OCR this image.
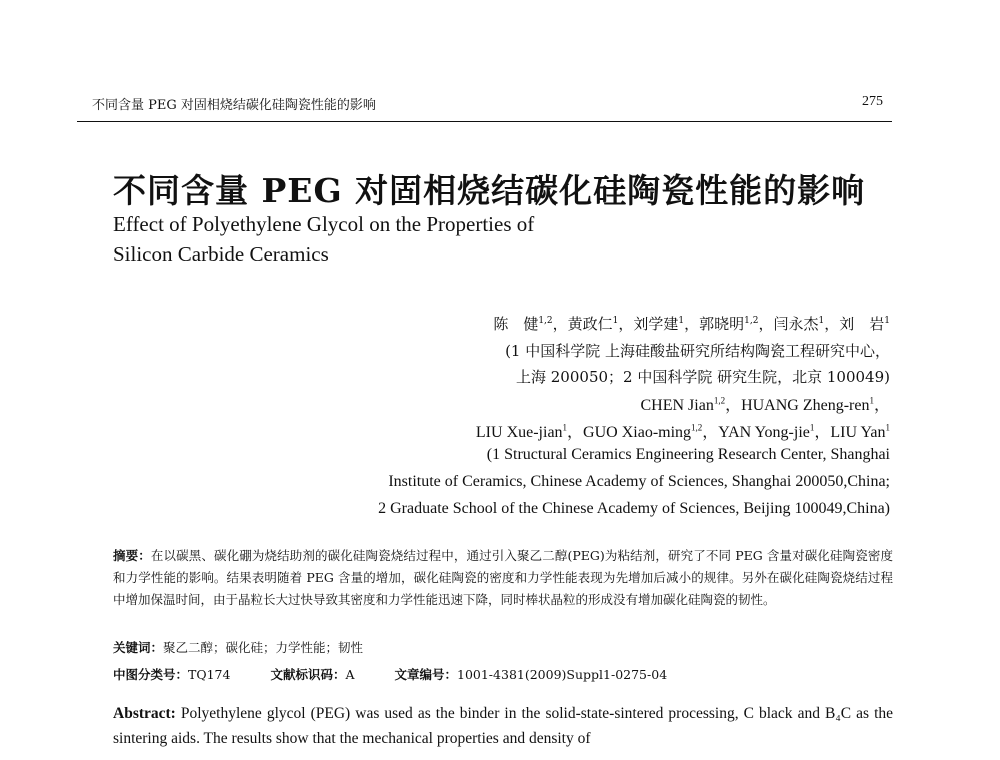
不同含量 PEG 对固相烧结碳化硅陶瓷性能的影响	275
不同含量 PEG 对固相烧结碳化硅陶瓷性能的影响
Effect of Polyethylene Glycol on the Properties of
Silicon Carbide Ceramics
陈　健$^{1,2}$，黄政仁$^1$，刘学建$^1$，郭晓明$^{1,2}$，闫永杰$^1$，刘　岩$^1$
(1 中国科学院 上海硅酸盐研究所结构陶瓷工程研究中心，
上海 200050；2 中国科学院 研究生院，北京 100049)
CHEN Jian$^{1,2}$，HUANG Zheng-ren$^1$，
LIU Xue-jian$^1$，GUO Xiao-ming$^{1,2}$，YAN Yong-jie$^1$，LIU Yan$^1$
(1 Structural Ceramics Engineering Research Center, Shanghai
Institute of Ceramics, Chinese Academy of Sciences, Shanghai 200050,China;
2 Graduate School of the Chinese Academy of Sciences, Beijing 100049,China)
摘要：在以碳黑、碳化硼为烧结助剂的碳化硅陶瓷烧结过程中，通过引入聚乙二醇(PEG)为粘结剂，研究了不同 PEG 含量对碳化硅陶瓷密度和力学性能的影响。结果表明随着 PEG 含量的增加，碳化硅陶瓷的密度和力学性能表现为先增加后减小的规律。另外在碳化硅陶瓷烧结过程中增加保温时间，由于晶粒长大过快导致其密度和力学性能迅速下降，同时棒状晶粒的形成没有增加碳化硅陶瓷的韧性。
关键词：聚乙二醇；碳化硅；力学性能；韧性
中图分类号：TQ174	文献标识码：A	文章编号：1001-4381(2009)Suppl1-0275-04
Abstract: Polyethylene glycol (PEG) was used as the binder in the solid-state-sintered processing, C black and B₄C as the sintering aids. The results show that the mechanical properties and density of
